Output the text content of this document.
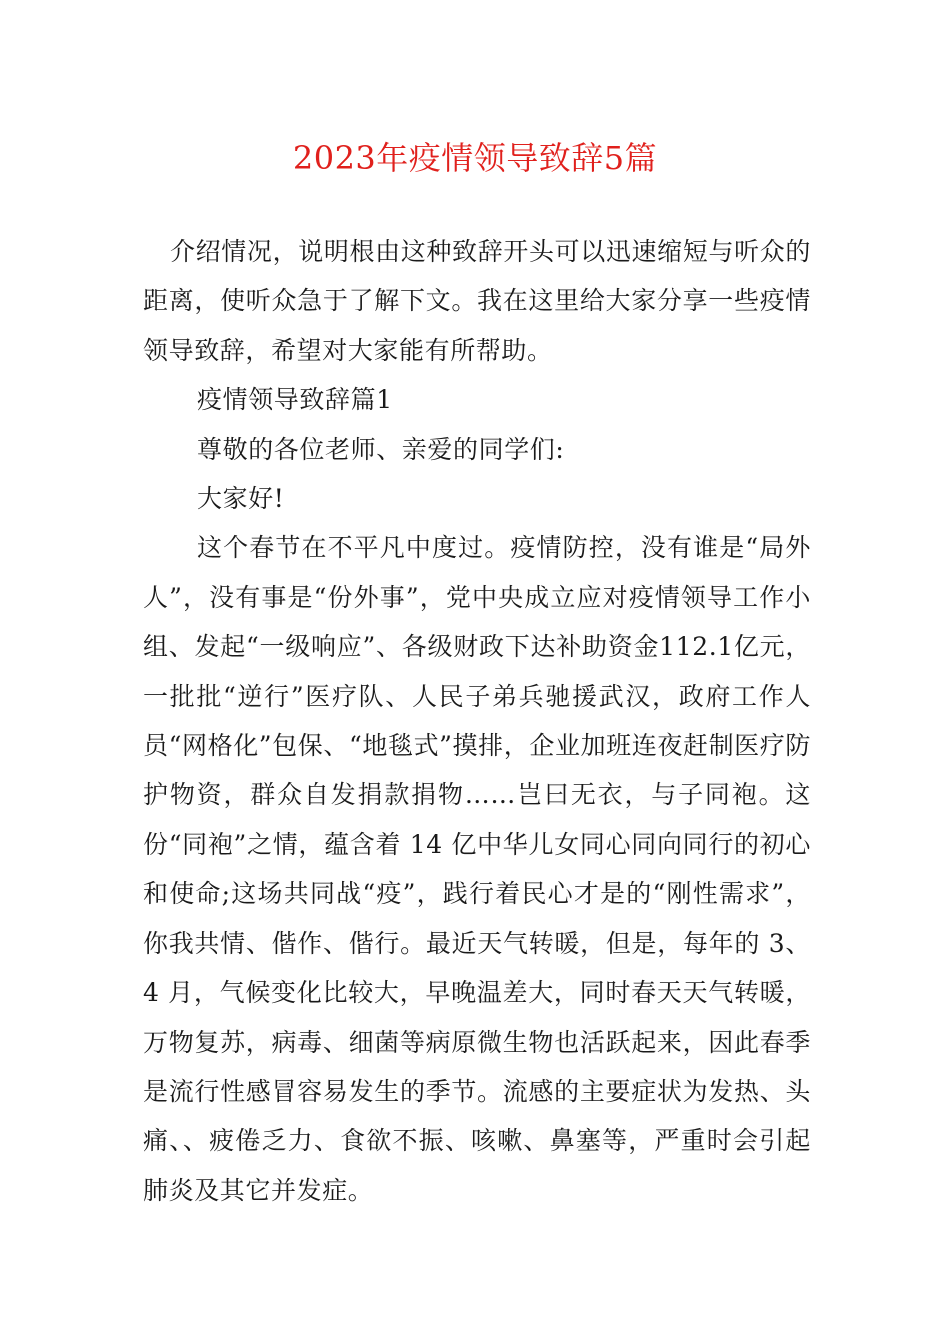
2023年疫情领导致辞5篇

介绍情况，说明根由这种致辞开头可以迅速缩短与听众的距离，使听众急于了解下文。我在这里给大家分享一些疫情领导致辞，希望对大家能有所帮助。

疫情领导致辞篇1

尊敬的各位老师、亲爱的同学们:

大家好!

这个春节在不平凡中度过。疫情防控，没有谁是“局外人”，没有事是“份外事”，党中央成立应对疫情领导工作小组、发起“一级响应”、各级财政下达补助资金112.1亿元，一批批“逆行”医疗队、人民子弟兵驰援武汉，政府工作人员“网格化”包保、“地毯式”摸排，企业加班连夜赶制医疗防护物资，群众自发捐款捐物……岂曰无衣，与子同袍。这份“同袍”之情，蕴含着 14 亿中华儿女同心同向同行的初心和使命;这场共同战“疫”，践行着民心才是的“刚性需求”，你我共情、偕作、偕行。最近天气转暖，但是，每年的 3、4 月，气候变化比较大，早晚温差大，同时春天天气转暖，万物复苏，病毒、细菌等病原微生物也活跃起来，因此春季是流行性感冒容易发生的季节。流感的主要症状为发热、头痛、、疲倦乏力、食欲不振、咳嗽、鼻塞等，严重时会引起肺炎及其它并发症。
